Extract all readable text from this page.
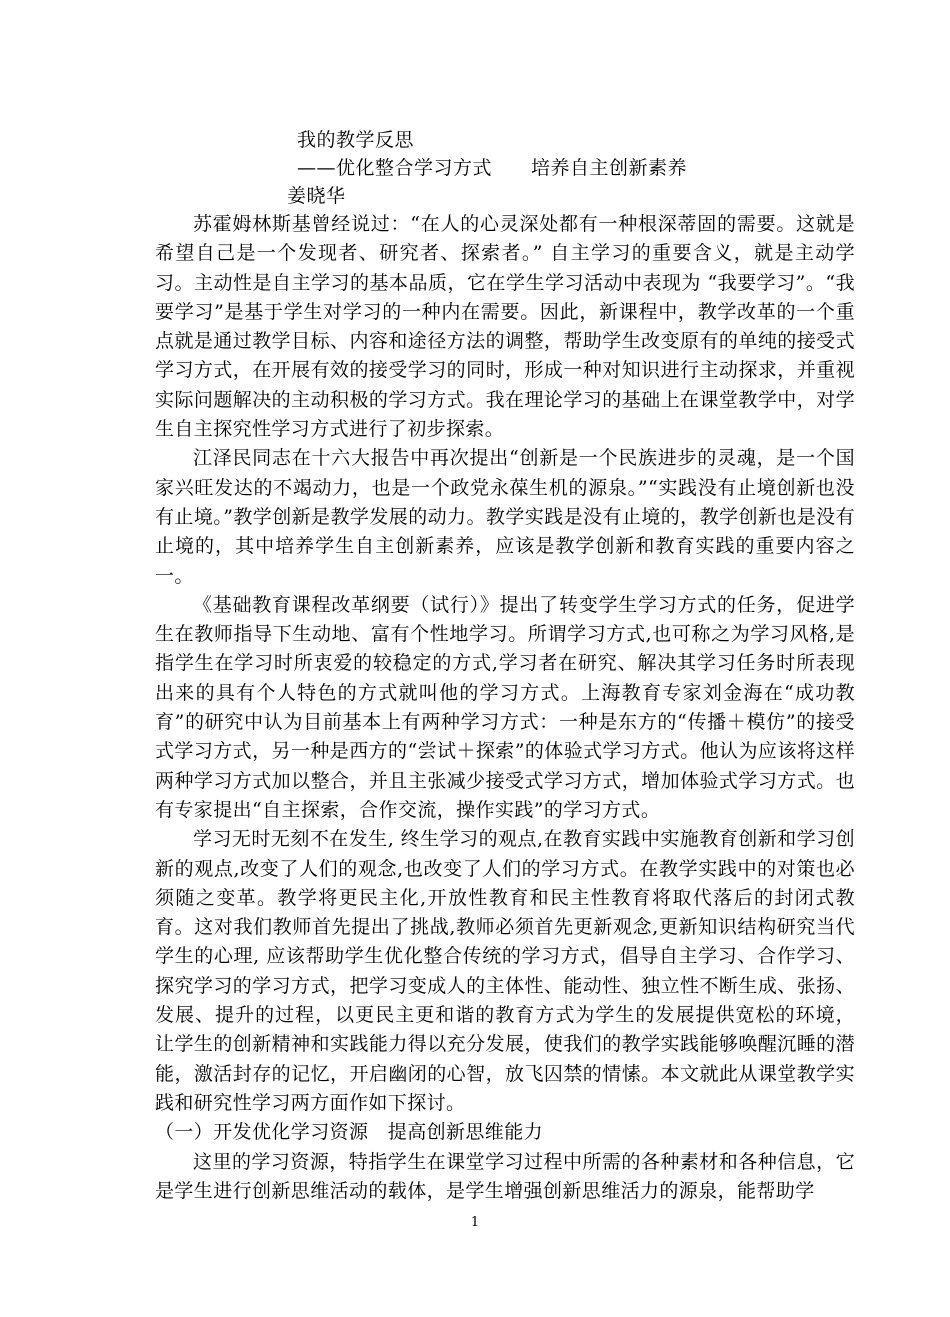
我的教学反思
——优化整合学习方式　　培养自主创新素养
姜晓华

苏霍姆林斯基曾经说过：“在人的心灵深处都有一种根深蒂固的需要。这就是希望自己是一个发现者、研究者、探索者。” 自主学习的重要含义，就是主动学习。主动性是自主学习的基本品质，它在学生学习活动中表现为 “我要学习”。“我要学习”是基于学生对学习的一种内在需要。因此，新课程中，教学改革的一个重点就是通过教学目标、内容和途径方法的调整，帮助学生改变原有的单纯的接受式学习方式，在开展有效的接受学习的同时，形成一种对知识进行主动探求，并重视实际问题解决的主动积极的学习方式。我在理论学习的基础上在课堂教学中，对学生自主探究性学习方式进行了初步探索。

江泽民同志在十六大报告中再次提出“创新是一个民族进步的灵魂，是一个国家兴旺发达的不竭动力，也是一个政党永葆生机的源泉。”“实践没有止境创新也没有止境。”教学创新是教学发展的动力。教学实践是没有止境的，教学创新也是没有止境的，其中培养学生自主创新素养，应该是教学创新和教育实践的重要内容之一。

《基础教育课程改革纲要（试行）》提出了转变学生学习方式的任务，促进学生在教师指导下生动地、富有个性地学习。所谓学习方式,也可称之为学习风格,是指学生在学习时所衷爱的较稳定的方式,学习者在研究、解决其学习任务时所表现出来的具有个人特色的方式就叫他的学习方式。上海教育专家刘金海在“成功教育”的研究中认为目前基本上有两种学习方式：一种是东方的“传播＋模仿”的接受式学习方式，另一种是西方的“尝试＋探索”的体验式学习方式。他认为应该将这样两种学习方式加以整合，并且主张减少接受式学习方式，增加体验式学习方式。也有专家提出“自主探索，合作交流，操作实践”的学习方式。

学习无时无刻不在发生, 终生学习的观点,在教育实践中实施教育创新和学习创新的观点,改变了人们的观念,也改变了人们的学习方式。在教学实践中的对策也必须随之变革。教学将更民主化,开放性教育和民主性教育将取代落后的封闭式教育。这对我们教师首先提出了挑战,教师必须首先更新观念,更新知识结构研究当代学生的心理, 应该帮助学生优化整合传统的学习方式，倡导自主学习、合作学习、探究学习的学习方式，把学习变成人的主体性、能动性、独立性不断生成、张扬、发展、提升的过程，以更民主更和谐的教育方式为学生的发展提供宽松的环境， 让学生的创新精神和实践能力得以充分发展，使我们的教学实践能够唤醒沉睡的潜能，激活封存的记忆，开启幽闭的心智，放飞囚禁的情愫。本文就此从课堂教学实践和研究性学习两方面作如下探讨。

（一）开发优化学习资源　提高创新思维能力

这里的学习资源，特指学生在课堂学习过程中所需的各种素材和各种信息，它是学生进行创新思维活动的载体，是学生增强创新思维活力的源泉，能帮助学

1
